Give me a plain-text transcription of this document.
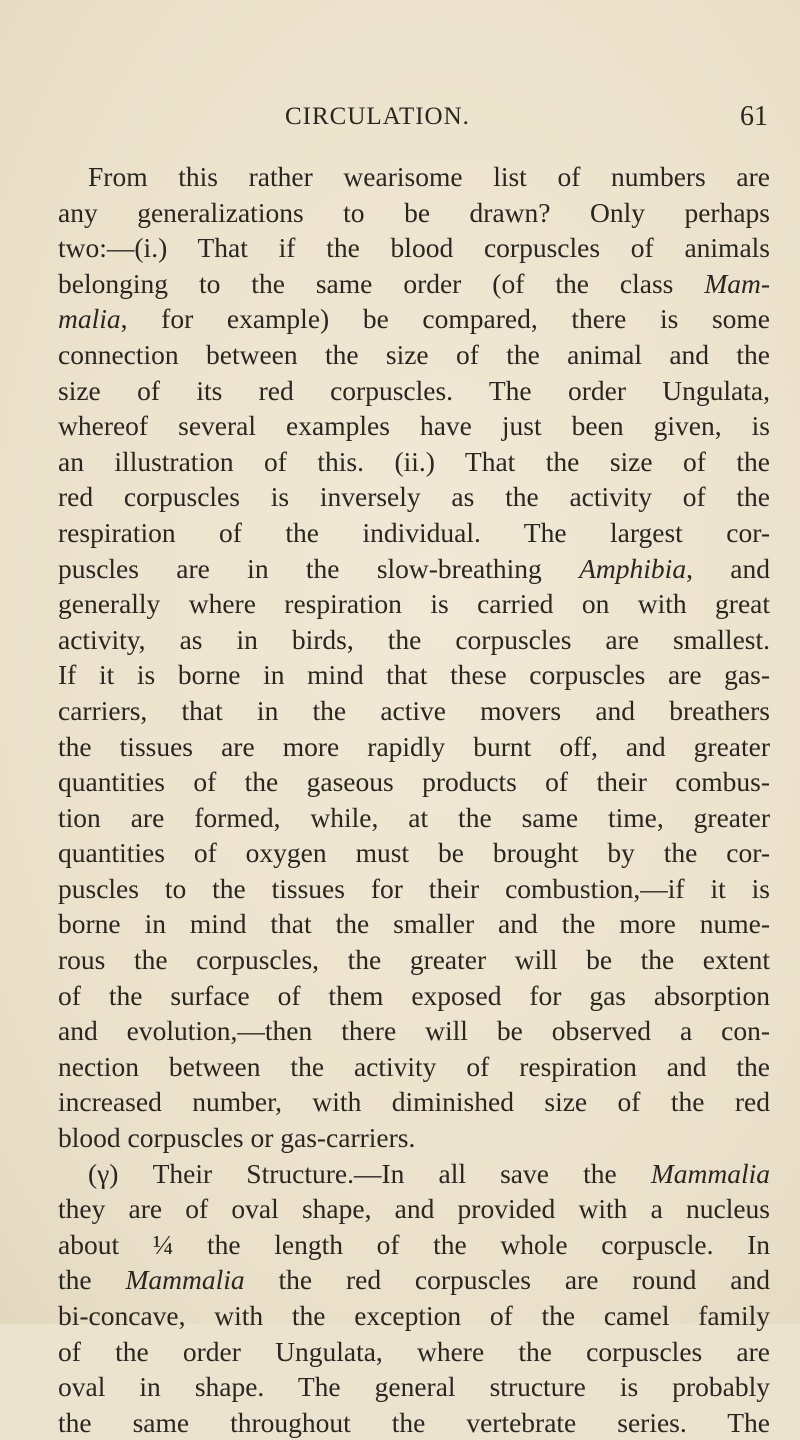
CIRCULATION.	61
From this rather wearisome list of numbers are
any generalizations to be drawn? Only perhaps
two:—(i.) That if the blood corpuscles of animals
belonging to the same order (of the class Mam-
malia, for example) be compared, there is some
connection between the size of the animal and the
size of its red corpuscles. The order Ungulata,
whereof several examples have just been given, is
an illustration of this. (ii.) That the size of the
red corpuscles is inversely as the activity of the
respiration of the individual. The largest cor-
puscles are in the slow-breathing Amphibia, and
generally where respiration is carried on with great
activity, as in birds, the corpuscles are smallest.
If it is borne in mind that these corpuscles are gas-
carriers, that in the active movers and breathers
the tissues are more rapidly burnt off, and greater
quantities of the gaseous products of their combus-
tion are formed, while, at the same time, greater
quantities of oxygen must be brought by the cor-
puscles to the tissues for their combustion,—if it is
borne in mind that the smaller and the more nume-
rous the corpuscles, the greater will be the extent
of the surface of them exposed for gas absorption
and evolution,—then there will be observed a con-
nection between the activity of respiration and the
increased number, with diminished size of the red
blood corpuscles or gas-carriers.
(γ) Their Structure.—In all save the Mammalia
they are of oval shape, and provided with a nucleus
about ¼ the length of the whole corpuscle. In
the Mammalia the red corpuscles are round and
bi-concave, with the exception of the camel family
of the order Ungulata, where the corpuscles are
oval in shape. The general structure is probably
the same throughout the vertebrate series. The
